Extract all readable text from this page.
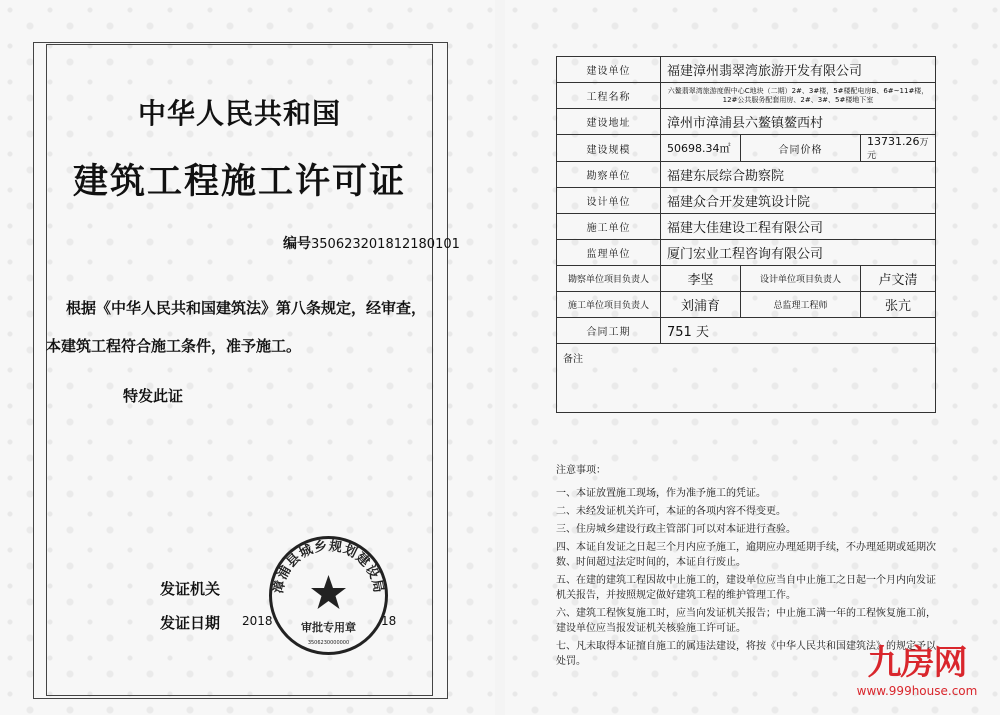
中华人民共和国
建筑工程施工许可证
编号350623201812180101
根据《中华人民共和国建筑法》第八条规定，经审查，
本建筑工程符合施工条件，准予施工。
特发此证
发证机关
发证日期 2018	18
漳浦县城乡规划建设局
审批专用章
3506230000000
建设单位	福建漳州翡翠湾旅游开发有限公司		
工程名称	六鳌翡翠湾旅游度假中心C地块（二期）2#、3#楼，5#楼配电房B、6#~11#楼，12#公共服务配套用房、2#、3#、5#楼地下室		
建设地址	漳州市漳浦县六鳌镇鳌西村		
建设规模	50698.34㎡	合同价格	13731.26万元
勘察单位	福建东辰综合勘察院		
设计单位	福建众合开发建筑设计院		
施工单位	福建大佳建设工程有限公司		
监理单位	厦门宏业工程咨询有限公司		
勘察单位项目负责人	李坚	设计单位项目负责人	卢文清
施工单位项目负责人	刘浦育	总监理工程师	张亢
合同工期	751 天		
备注			
注意事项：
一、本证放置施工现场，作为准予施工的凭证。
二、未经发证机关许可，本证的各项内容不得变更。
三、住房城乡建设行政主管部门可以对本证进行查验。
四、本证自发证之日起三个月内应予施工，逾期应办理延期手续，不办理延期或延期次数、时间超过法定时间的，本证自行废止。
五、在建的建筑工程因故中止施工的，建设单位应当自中止施工之日起一个月内向发证机关报告，并按照规定做好建筑工程的维护管理工作。
六、建筑工程恢复施工时，应当向发证机关报告；中止施工满一年的工程恢复施工前，建设单位应当报发证机关核验施工许可证。
七、凡未取得本证擅自施工的属违法建设，将按《中华人民共和国建筑法》的规定予以处罚。	九房网
www.999house.com
